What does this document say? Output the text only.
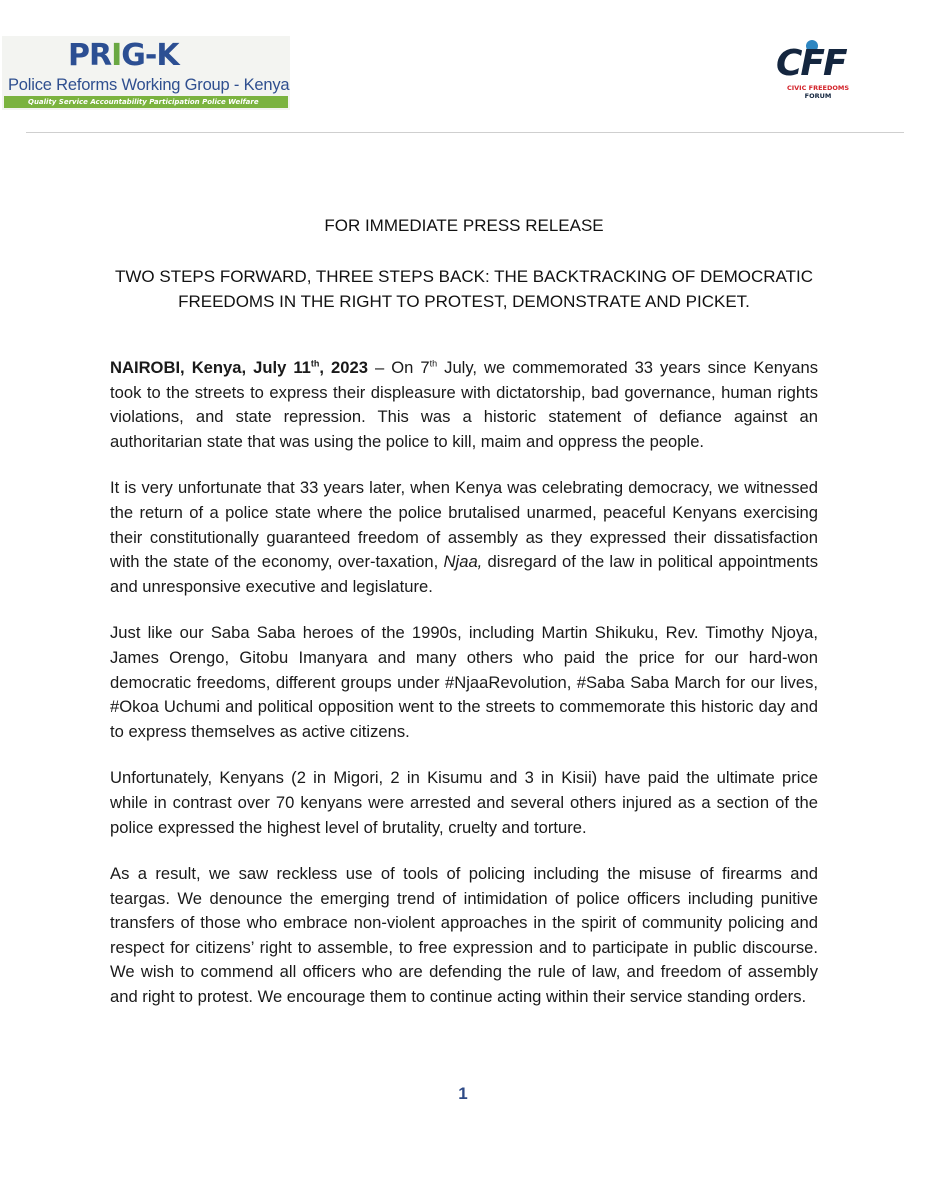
PRIG-K
Police Reforms Working Group - Kenya
Quality Service Accountability Participation Police Welfare
CFF
CIVIC FREEDOMS
FORUM
FOR IMMEDIATE PRESS RELEASE
TWO STEPS FORWARD, THREE STEPS BACK: THE BACKTRACKING OF DEMOCRATIC FREEDOMS IN THE RIGHT TO PROTEST, DEMONSTRATE AND PICKET.

NAIROBI, Kenya, July 11th, 2023 – On 7th July, we commemorated 33 years since Kenyans took to the streets to express their displeasure with dictatorship, bad governance, human rights violations, and state repression. This was a historic statement of defiance against an authoritarian state that was using the police to kill, maim and oppress the people.

It is very unfortunate that 33 years later, when Kenya was celebrating democracy, we witnessed the return of a police state where the police brutalised unarmed, peaceful Kenyans exercising their constitutionally guaranteed freedom of assembly as they expressed their dissatisfaction with the state of the economy, over-taxation, Njaa, disregard of the law in political appointments and unresponsive executive and legislature.

Just like our Saba Saba heroes of the 1990s, including Martin Shikuku, Rev. Timothy Njoya, James Orengo, Gitobu Imanyara and many others who paid the price for our hard-won democratic freedoms, different groups under #NjaaRevolution, #Saba Saba March for our lives, #Okoa Uchumi and political opposition went to the streets to commemorate this historic day and to express themselves as active citizens.

Unfortunately, Kenyans (2 in Migori, 2 in Kisumu and 3 in Kisii) have paid the ultimate price while in contrast over 70 kenyans were arrested and several others injured as a section of the police expressed the highest level of brutality, cruelty and torture.

As a result, we saw reckless use of tools of policing including the misuse of firearms and teargas. We denounce the emerging trend of intimidation of police officers including punitive transfers of those who embrace non-violent approaches in the spirit of community policing and respect for citizens’ right to assemble, to free expression and to participate in public discourse. We wish to commend all officers who are defending the rule of law, and freedom of assembly and right to protest. We encourage them to continue acting within their service standing orders.

1
